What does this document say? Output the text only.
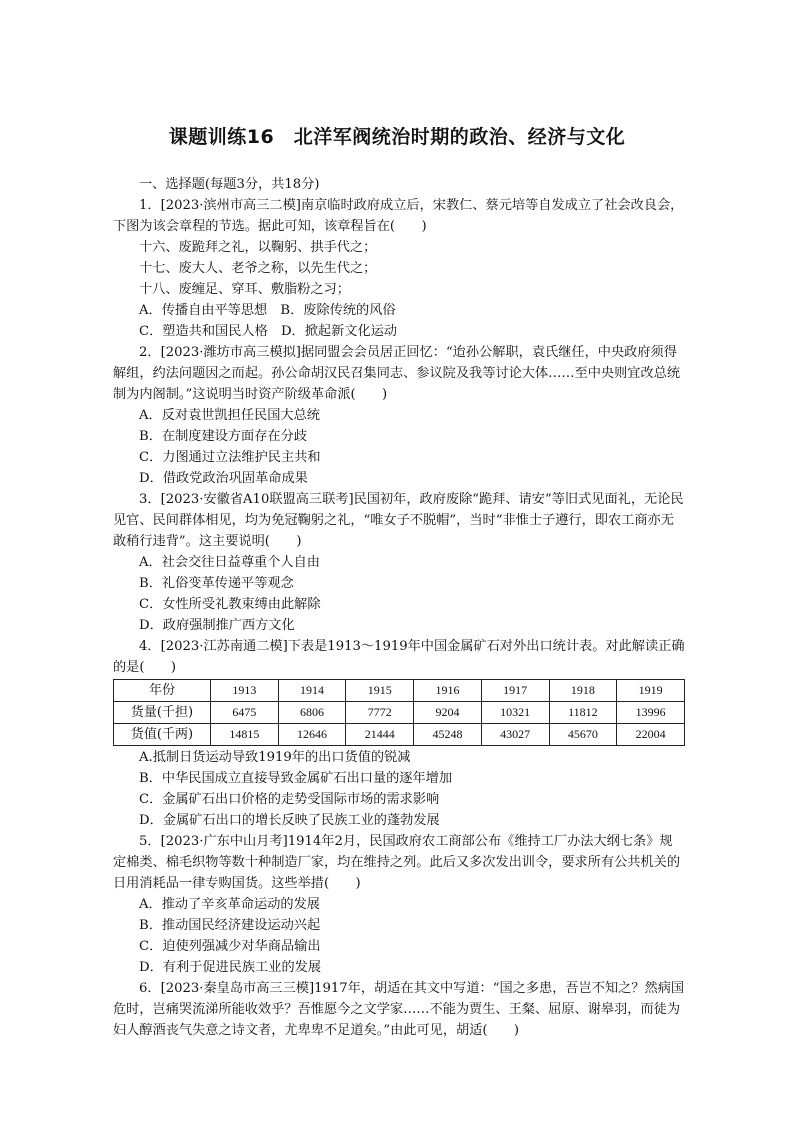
课题训练16　北洋军阀统治时期的政治、经济与文化

一、选择题(每题3分，共18分)

1．[2023·滨州市高三二模]南京临时政府成立后，宋教仁、蔡元培等自发成立了社会改良会，下图为该会章程的节选。据此可知，该章程旨在(　　)

十六、废跪拜之礼，以鞠躬、拱手代之；

十七、废大人、老爷之称，以先生代之；

十八、废缠足、穿耳、敷脂粉之习；

A．传播自由平等思想　B．废除传统的风俗

C．塑造共和国民人格　D．掀起新文化运动

2．[2023·潍坊市高三模拟]据同盟会会员居正回忆：“迨孙公解职，袁氏继任，中央政府须得解组，约法问题因之而起。孙公命胡汉民召集同志、参议院及我等讨论大体……至中央则宜改总统制为内阁制。”这说明当时资产阶级革命派(　　)

A．反对袁世凯担任民国大总统

B．在制度建设方面存在分歧

C．力图通过立法维护民主共和

D．借政党政治巩固革命成果

3．[2023·安徽省A10联盟高三联考]民国初年，政府废除“跪拜、请安”等旧式见面礼，无论民见官、民间群体相见，均为免冠鞠躬之礼，“唯女子不脱帽”，当时“非惟士子遵行，即农工商亦无敢稍行违背”。这主要说明(　　)

A．社会交往日益尊重个人自由

B．礼俗变革传递平等观念

C．女性所受礼教束缚由此解除

D．政府强制推广西方文化

4．[2023·江苏南通二模]下表是1913～1919年中国金属矿石对外出口统计表。对此解读正确的是(　　)

年份	1913	1914	1915	1916	1917	1918	1919
货量(千担)	6475	6806	7772	9204	10321	11812	13996
货值(千两)	14815	12646	21444	45248	43027	45670	22004

A.抵制日货运动导致1919年的出口货值的锐减

B．中华民国成立直接导致金属矿石出口量的逐年增加

C．金属矿石出口价格的走势受国际市场的需求影响

D．金属矿石出口的增长反映了民族工业的蓬勃发展

5．[2023·广东中山月考]1914年2月，民国政府农工商部公布《维持工厂办法大纲七条》规定棉类、棉毛织物等数十种制造厂家，均在维持之列。此后又多次发出训令，要求所有公共机关的日用消耗品一律专购国货。这些举措(　　)

A．推动了辛亥革命运动的发展

B．推动国民经济建设运动兴起

C．迫使列强减少对华商品输出

D．有利于促进民族工业的发展

6．[2023·秦皇岛市高三三模]1917年，胡适在其文中写道：“国之多患，吾岂不知之？然病国危时，岂痛哭流涕所能收效乎？吾惟愿今之文学家……不能为贾生、王粲、屈原、谢皋羽，而徒为妇人醇酒丧气失意之诗文者，尤卑卑不足道矣。”由此可见，胡适(　　)
